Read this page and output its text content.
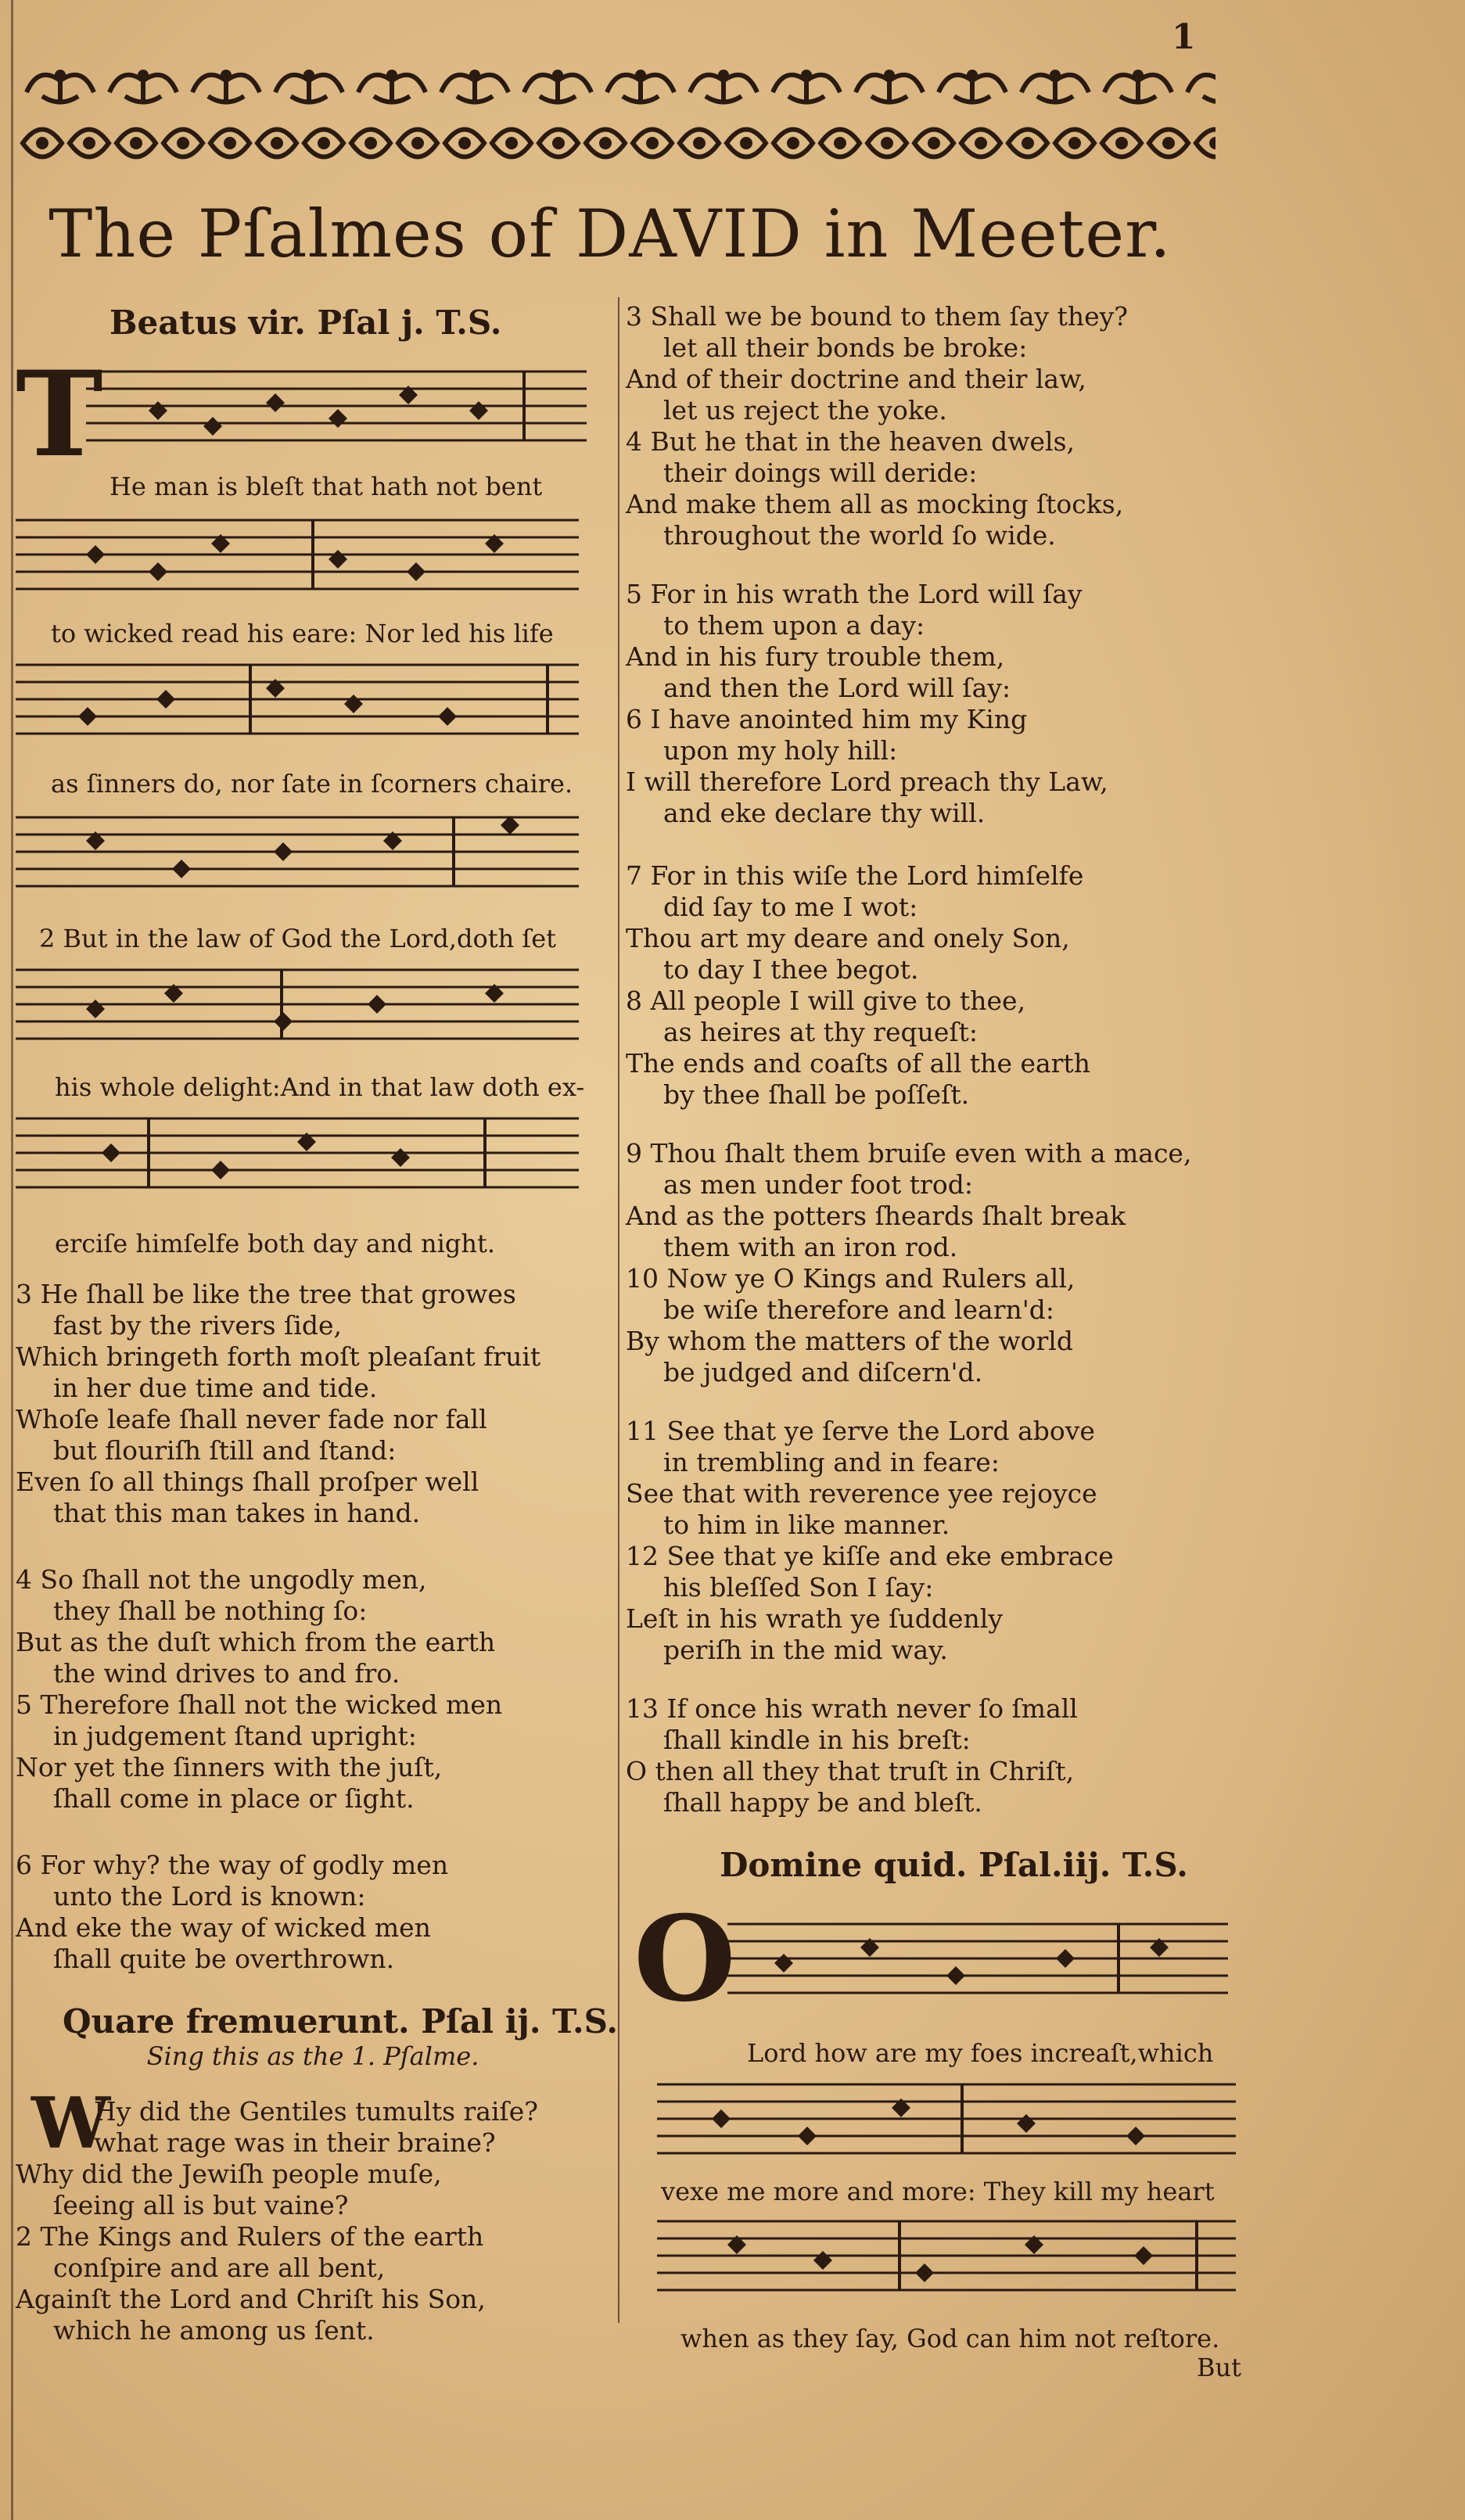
1
The Pſalmes of DAVID in Meeter.
Beatus vir. Pſal j. T.S.
T
He man is bleſt that hath not bent
to wicked read his eare: Nor led his life
as ſinners do, nor ſate in ſcorners chaire.
2 But in the law of God the Lord,doth ſet
his whole delight:And in that law doth ex-
erciſe himſelfe both day and night.
3 He ſhall be like the tree that growes
fast by the rivers ſide,
Which bringeth forth moſt pleaſant fruit
in her due time and tide.
Whoſe leafe ſhall never fade nor fall
but flouriſh ſtill and ſtand:
Even ſo all things ſhall proſper well
that this man takes in hand.
4 So ſhall not the ungodly men,
they ſhall be nothing ſo:
But as the duſt which from the earth
the wind drives to and fro.
5 Therefore ſhall not the wicked men
in judgement ſtand upright:
Nor yet the ſinners with the juſt,
ſhall come in place or ſight.
6 For why? the way of godly men
unto the Lord is known:
And eke the way of wicked men
ſhall quite be overthrown.
Quare fremuerunt. Pſal ij. T.S.
Sing this as the 1. Pſalme.
W
Hy did the Gentiles tumults raiſe?
what rage was in their braine?
Why did the Jewiſh people muſe,
ſeeing all is but vaine?
2 The Kings and Rulers of the earth
conſpire and are all bent,
Againſt the Lord and Chriſt his Son,
which he among us ſent.
3 Shall we be bound to them ſay they?
let all their bonds be broke:
And of their doctrine and their law,
let us reject the yoke.
4 But he that in the heaven dwels,
their doings will deride:
And make them all as mocking ſtocks,
throughout the world ſo wide.
5 For in his wrath the Lord will ſay
to them upon a day:
And in his fury trouble them,
and then the Lord will ſay:
6 I have anointed him my King
upon my holy hill:
I will therefore Lord preach thy Law,
and eke declare thy will.
7 For in this wiſe the Lord himſelfe
did ſay to me I wot:
Thou art my deare and onely Son,
to day I thee begot.
8 All people I will give to thee,
as heires at thy requeſt:
The ends and coaſts of all the earth
by thee ſhall be poſſeſt.
9 Thou ſhalt them bruiſe even with a mace,
as men under foot trod:
And as the potters ſheards ſhalt break
them with an iron rod.
10 Now ye O Kings and Rulers all,
be wiſe therefore and learn'd:
By whom the matters of the world
be judged and diſcern'd.
11 See that ye ſerve the Lord above
in trembling and in feare:
See that with reverence yee rejoyce
to him in like manner.
12 See that ye kiſſe and eke embrace
his bleſſed Son I ſay:
Leſt in his wrath ye ſuddenly
periſh in the mid way.
13 If once his wrath never ſo ſmall
ſhall kindle in his breſt:
O then all they that truſt in Chriſt,
ſhall happy be and bleſt.
Domine quid. Pſal.iij. T.S.
O
Lord how are my foes increaſt,which
vexe me more and more: They kill my heart
when as they ſay, God can him not reſtore.
But
